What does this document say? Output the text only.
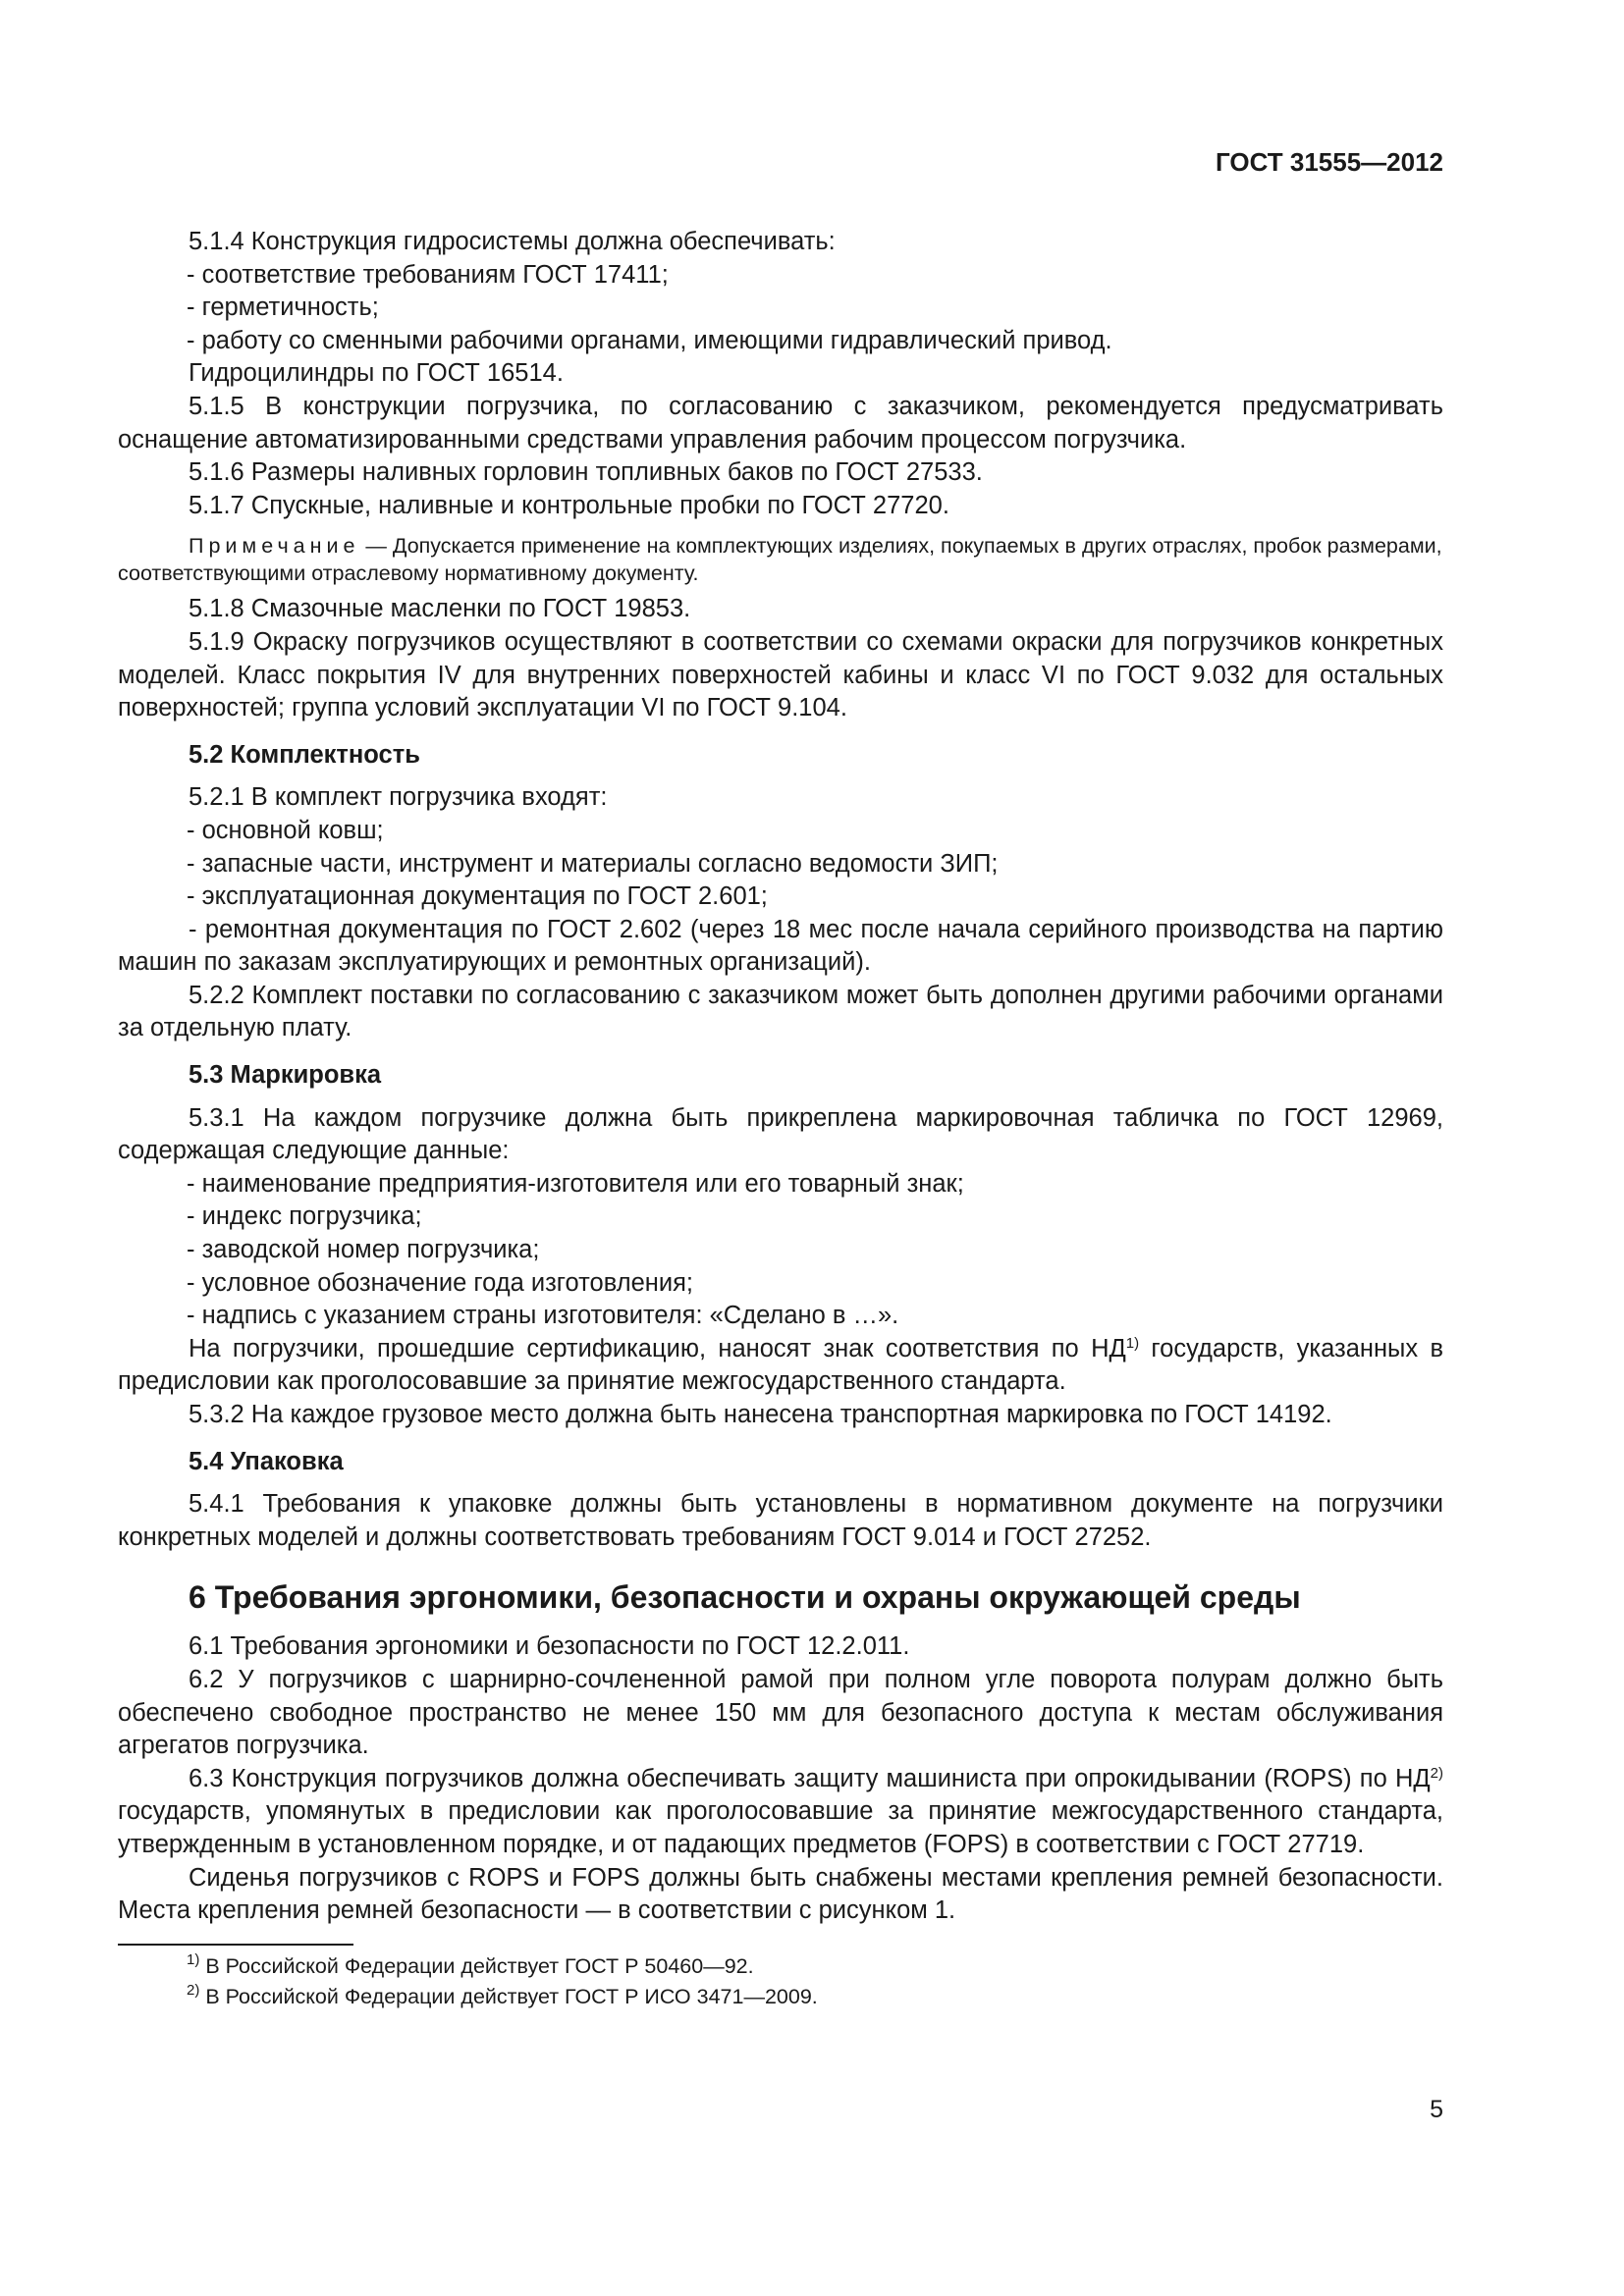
ГОСТ 31555—2012

5.1.4 Конструкция гидросистемы должна обеспечивать:

- соответствие требованиям ГОСТ 17411;

- герметичность;

- работу со сменными рабочими органами, имеющими гидравлический привод.

Гидроцилиндры по ГОСТ 16514.

5.1.5 В конструкции погрузчика, по согласованию с заказчиком, рекомендуется предусматривать оснащение автоматизированными средствами управления рабочим процессом погрузчика.

5.1.6 Размеры наливных горловин топливных баков по ГОСТ 27533.

5.1.7 Спускные, наливные и контрольные пробки по ГОСТ 27720.

Примечание — Допускается применение на комплектующих изделиях, покупаемых в других отраслях, пробок размерами, соответствующими отраслевому нормативному документу.

5.1.8 Смазочные масленки по ГОСТ 19853.

5.1.9 Окраску погрузчиков осуществляют в соответствии со схемами окраски для погрузчиков конкретных моделей. Класс покрытия IV для внутренних поверхностей кабины и класс VI по ГОСТ 9.032 для остальных поверхностей; группа условий эксплуатации VI по ГОСТ 9.104.

5.2 Комплектность

5.2.1 В комплект погрузчика входят:

- основной ковш;

- запасные части, инструмент и материалы согласно ведомости ЗИП;

- эксплуатационная документация по ГОСТ 2.601;

- ремонтная документация по ГОСТ 2.602 (через 18 мес после начала серийного производства на партию машин по заказам эксплуатирующих и ремонтных организаций).

5.2.2 Комплект поставки по согласованию с заказчиком может быть дополнен другими рабочими органами за отдельную плату.

5.3 Маркировка

5.3.1 На каждом погрузчике должна быть прикреплена маркировочная табличка по ГОСТ 12969, содержащая следующие данные:

- наименование предприятия-изготовителя или его товарный знак;

- индекс погрузчика;

- заводской номер погрузчика;

- условное обозначение года изготовления;

- надпись с указанием страны изготовителя: «Сделано в …».

На погрузчики, прошедшие сертификацию, наносят знак соответствия по НД$^{1)}$ государств, указанных в предисловии как проголосовавшие за принятие межгосударственного стандарта.

5.3.2 На каждое грузовое место должна быть нанесена транспортная маркировка по ГОСТ 14192.

5.4 Упаковка

5.4.1 Требования к упаковке должны быть установлены в нормативном документе на погрузчики конкретных моделей и должны соответствовать требованиям ГОСТ 9.014 и ГОСТ 27252.

6 Требования эргономики, безопасности и охраны окружающей среды

6.1 Требования эргономики и безопасности по ГОСТ 12.2.011.

6.2 У погрузчиков с шарнирно-сочлененной рамой при полном угле поворота полурам должно быть обеспечено свободное пространство не менее 150 мм для безопасного доступа к местам обслуживания агрегатов погрузчика.

6.3 Конструкция погрузчиков должна обеспечивать защиту машиниста при опрокидывании (ROPS) по НД$^{2)}$ государств, упомянутых в предисловии как проголосовавшие за принятие межгосударственного стандарта, утвержденным в установленном порядке, и от падающих предметов (FOPS) в соответствии с ГОСТ 27719.

Сиденья погрузчиков с ROPS и FOPS должны быть снабжены местами крепления ремней безопасности. Места крепления ремней безопасности — в соответствии с рисунком 1.

$^{1)}$ В Российской Федерации действует ГОСТ Р 50460—92.

$^{2)}$ В Российской Федерации действует ГОСТ Р ИСО 3471—2009.

5
